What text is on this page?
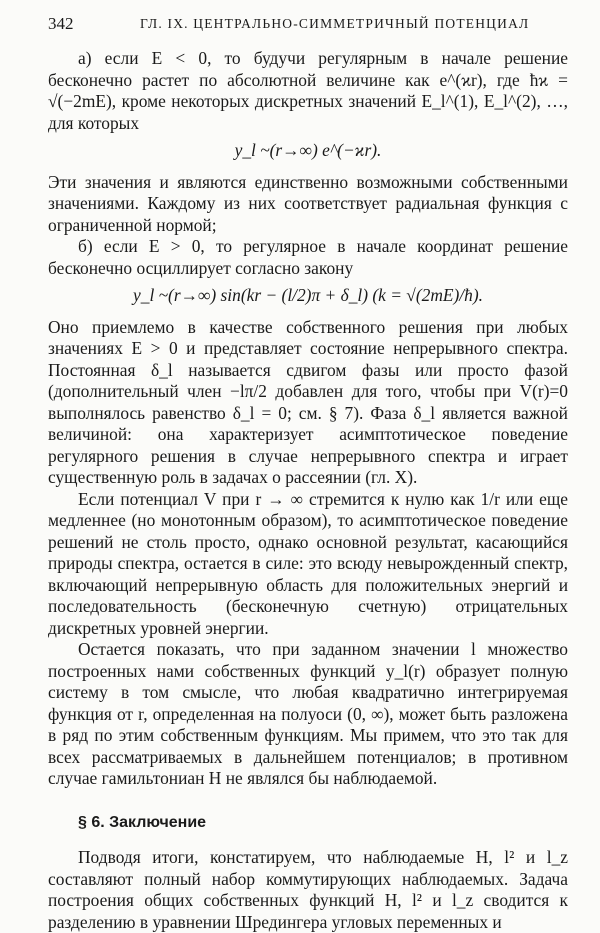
342	ГЛ. IX. ЦЕНТРАЛЬНО-СИММЕТРИЧНЫЙ ПОТЕНЦИАЛ

а) если E < 0, то будучи регулярным в начале решение бесконечно растет по абсолютной величине как e^(ϰr), где ħϰ = √(−2mE), кроме некоторых дискретных значений E_l^(1), E_l^(2), …, для которых

y_l ~(r→∞) e^(−ϰr).

Эти значения и являются единственно возможными собственными значениями. Каждому из них соответствует радиальная функция с ограниченной нормой;

б) если E > 0, то регулярное в начале координат решение бесконечно осциллирует согласно закону

y_l ~(r→∞) sin(kr − (l/2)π + δ_l) (k = √(2mE)/ħ).

Оно приемлемо в качестве собственного решения при любых значениях E > 0 и представляет состояние непрерывного спектра. Постоянная δ_l называется сдвигом фазы или просто фазой (дополнительный член −lπ/2 добавлен для того, чтобы при V(r)=0 выполнялось равенство δ_l = 0; см. § 7). Фаза δ_l является важной величиной: она характеризует асимптотическое поведение регулярного решения в случае непрерывного спектра и играет существенную роль в задачах о рассеянии (гл. X).

Если потенциал V при r → ∞ стремится к нулю как 1/r или еще медленнее (но монотонным образом), то асимптотическое поведение решений не столь просто, однако основной результат, касающийся природы спектра, остается в силе: это всюду невырожденный спектр, включающий непрерывную область для положительных энергий и последовательность (бесконечную счетную) отрицательных дискретных уровней энергии.

Остается показать, что при заданном значении l множество построенных нами собственных функций y_l(r) образует полную систему в том смысле, что любая квадратично интегрируемая функция от r, определенная на полуоси (0, ∞), может быть разложена в ряд по этим собственным функциям. Мы примем, что это так для всех рассматриваемых в дальнейшем потенциалов; в противном случае гамильтониан H не являлся бы наблюдаемой.

§ 6. Заключение

Подводя итоги, констатируем, что наблюдаемые H, l² и l_z составляют полный набор коммутирующих наблюдаемых. Задача построения общих собственных функций H, l² и l_z сводится к разделению в уравнении Шредингера угловых переменных и
